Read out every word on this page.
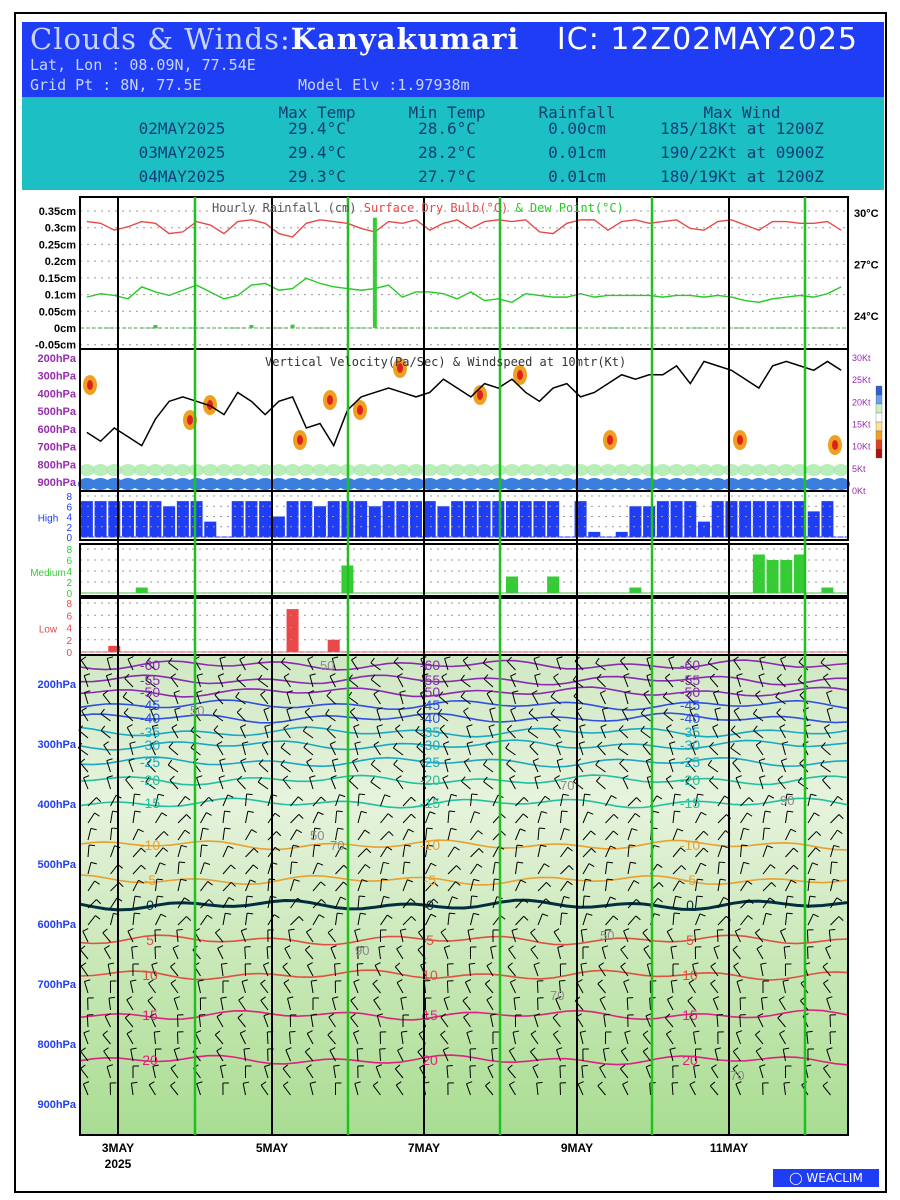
Clouds & Winds:Kanyakumari IC: 12Z02MAY2025
Lat, Lon : 08.09N, 77.54E
Grid Pt : 8N, 77.5E	Model Elv :1.97938m
Max Temp	Min Temp	Rainfall	Max Wind
02MAY2025	29.4°C	28.6°C	0.00cm	185/18Kt at 1200Z
03MAY2025	29.4°C	28.2°C	0.01cm	190/22Kt at 0900Z
04MAY2025	29.3°C	27.7°C	0.01cm	180/19Kt at 1200Z
0.35cm
0.3cm
0.25cm
0.2cm
0.15cm
0.1cm
0.05cm
0cm
-0.05cm
30°C
27°C
24°C
Hourly Rainfall (cm) Surface Dry Bulb(°C) & Dew Point(°C)
200hPa
300hPa
400hPa
500hPa
600hPa
700hPa
800hPa
900hPa
30Kt
25Kt
20Kt
15Kt
10Kt
5Kt
0Kt
Vertical Velocity(Pa/Sec) & Windspeed at 10mtr(Kt)
8
6
4
2
0
High
8
6
4
2
0
Medium
8
6
4
2
0
Low
200hPa
300hPa
400hPa
500hPa
600hPa
700hPa
800hPa
900hPa
-60	-60	-60
-55	-55	-55
-50	-50	-50
-45	-45	-45
-40	-40	-40
-35	-35	-35
-30	-30	-30
-25	-25	-25
-20	-20	-20
-15	-15	-15
-10	-10	-10
-5	-5	-5
0	0	0
5	5	5
10	10	10
15	15	15
20	20	20
50
50
50
50
70
70
70
70
90
90
3MAY	5MAY	7MAY	9MAY	11MAY
2025
◯ WEACLIM
